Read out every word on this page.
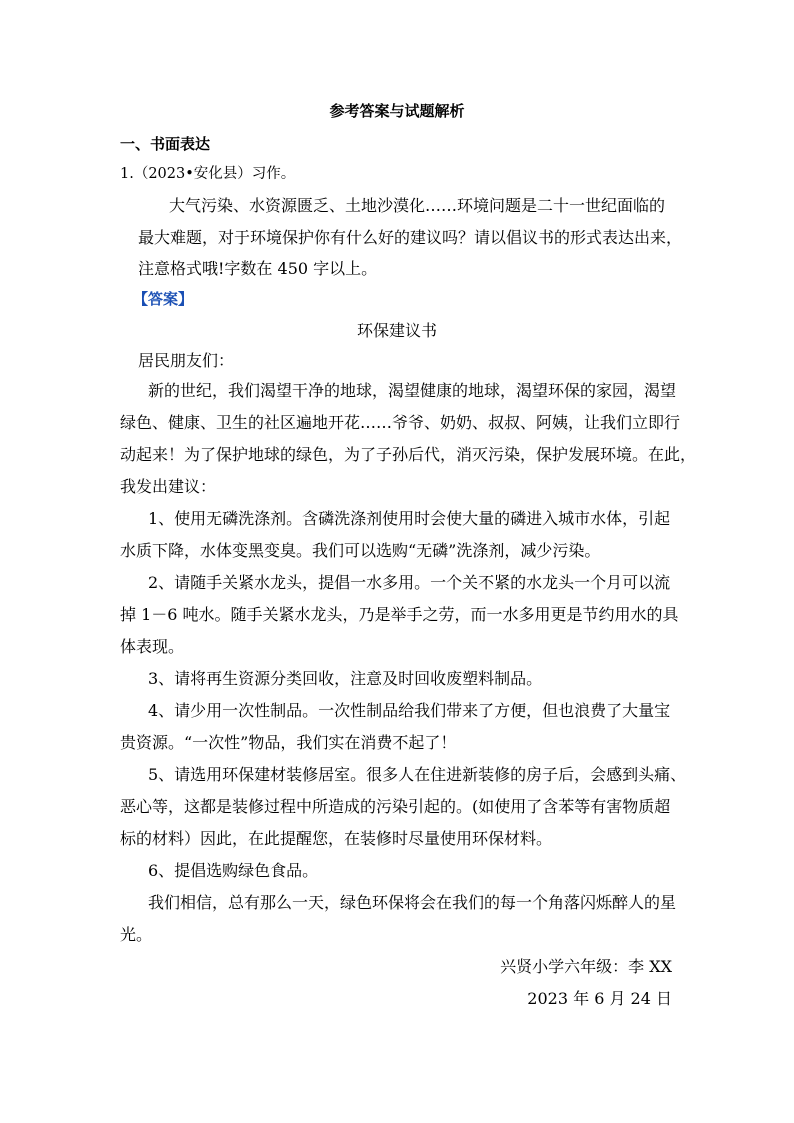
参考答案与试题解析
一、书面表达
1.（2023•安化县）习作。
大气污染、水资源匮乏、土地沙漠化……环境问题是二十一世纪面临的
最大难题，对于环境保护你有什么好的建议吗？请以倡议书的形式表达出来，
注意格式哦!字数在 450 字以上。
【答案】
环保建议书
居民朋友们：
新的世纪，我们渴望干净的地球，渴望健康的地球，渴望环保的家园，渴望
绿色、健康、卫生的社区遍地开花……爷爷、奶奶、叔叔、阿姨，让我们立即行
动起来！为了保护地球的绿色，为了子孙后代，消灭污染，保护发展环境。在此，
我发出建议：
1、使用无磷洗涤剂。含磷洗涤剂使用时会使大量的磷进入城市水体，引起
水质下降，水体变黑变臭。我们可以选购“无磷”洗涤剂，减少污染。
2、请随手关紧水龙头，提倡一水多用。一个关不紧的水龙头一个月可以流
掉 1－6 吨水。随手关紧水龙头，乃是举手之劳，而一水多用更是节约用水的具
体表现。
3、请将再生资源分类回收，注意及时回收废塑料制品。
4、请少用一次性制品。一次性制品给我们带来了方便，但也浪费了大量宝
贵资源。“一次性”物品，我们实在消费不起了！
5、请选用环保建材装修居室。很多人在住进新装修的房子后，会感到头痛、
恶心等，这都是装修过程中所造成的污染引起的。(如使用了含苯等有害物质超
标的材料）因此，在此提醒您，在装修时尽量使用环保材料。
6、提倡选购绿色食品。
我们相信，总有那么一天，绿色环保将会在我们的每一个角落闪烁醉人的星
光。
兴贤小学六年级：李 XX
2023 年 6 月 24 日
